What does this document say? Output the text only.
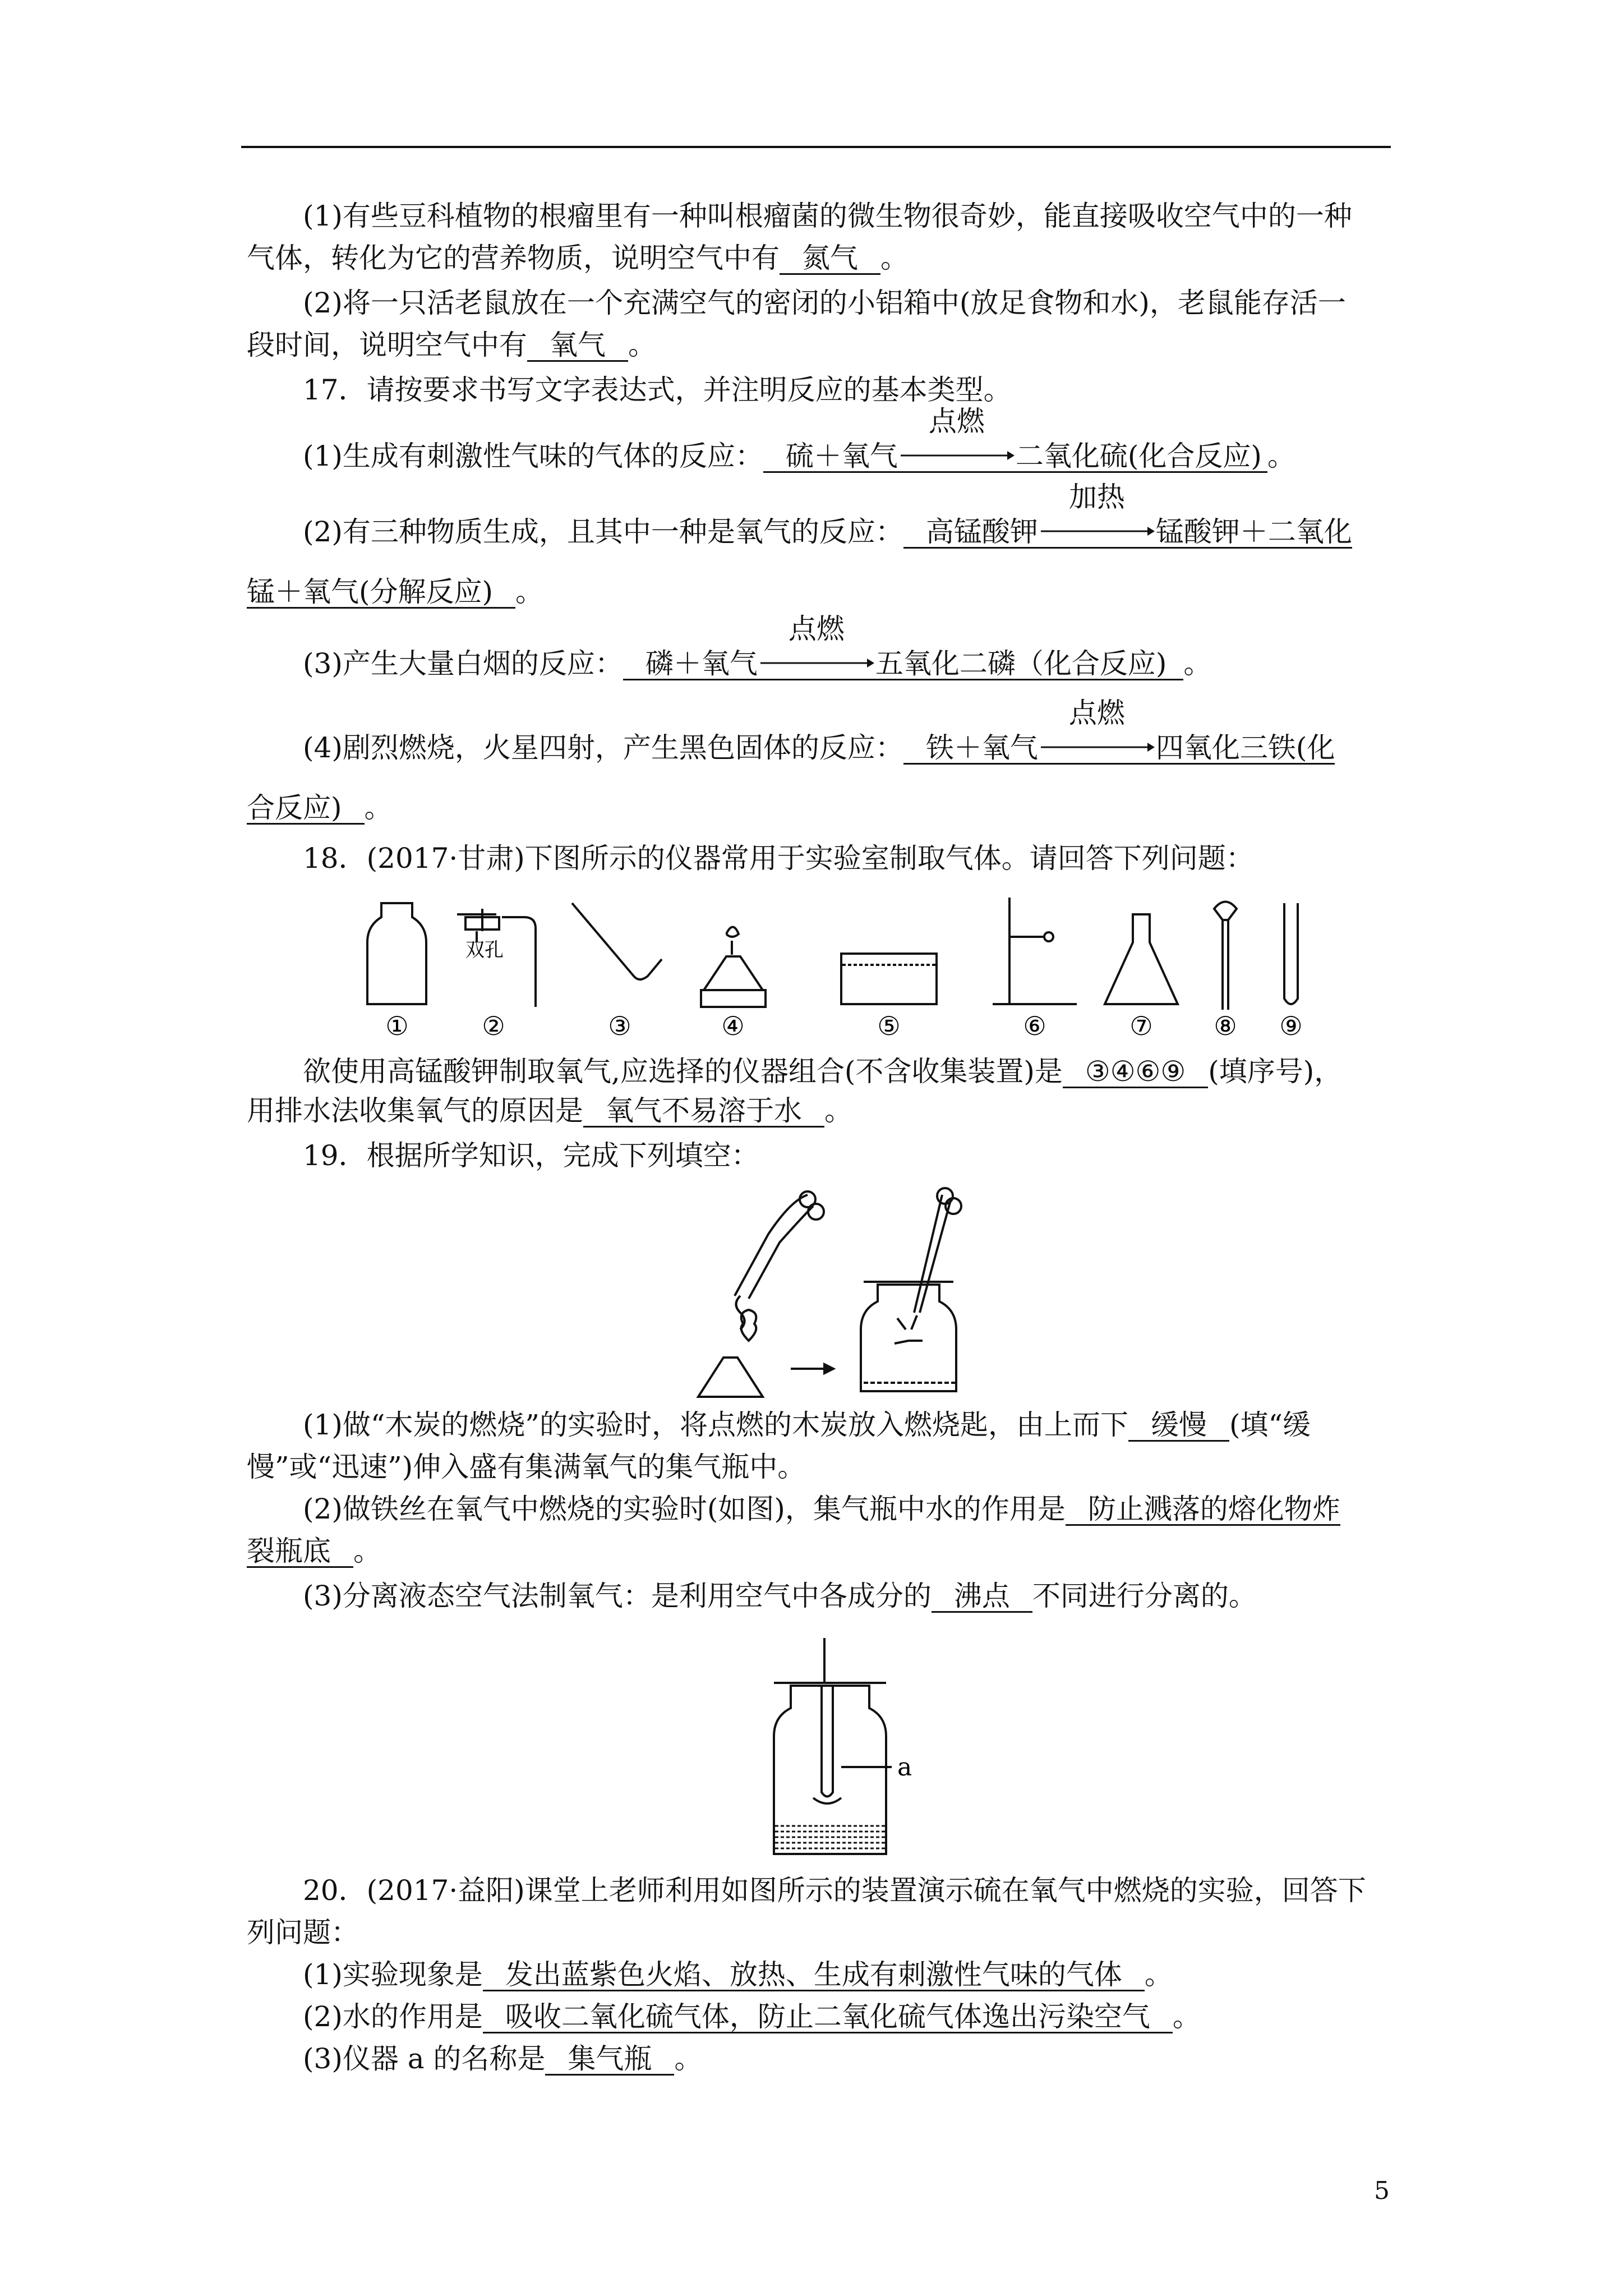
(1)有些豆科植物的根瘤里有一种叫根瘤菌的微生物很奇妙，能直接吸收空气中的一种
气体，转化为它的营养物质，说明空气中有 氮气 。
(2)将一只活老鼠放在一个充满空气的密闭的小铝箱中(放足食物和水)，老鼠能存活一
段时间，说明空气中有 氧气 。
17．请按要求书写文字表达式，并注明反应的基本类型。
(1)生成有刺激性气味的气体的反应： 硫＋氧气
点燃
二氧化硫(化合反应) 。
(2)有三种物质生成，且其中一种是氧气的反应： 高锰酸钾
加热
锰酸钾＋二氧化
锰＋氧气(分解反应) 。
(3)产生大量白烟的反应： 磷＋氧气
点燃
五氧化二磷（化合反应) 。
(4)剧烈燃烧，火星四射，产生黑色固体的反应： 铁＋氧气
点燃
四氧化三铁(化
合反应) 。
18．(2017·甘肃)下图所示的仪器常用于实验室制取气体。请回答下列问题：
双孔
①	②	③	④	⑤	⑥	⑦ ⑧ ⑨
欲使用高锰酸钾制取氧气,应选择的仪器组合(不含收集装置)是 ③④⑥⑨ (填序号)，
用排水法收集氧气的原因是 氧气不易溶于水 。
19．根据所学知识，完成下列填空：
(1)做“木炭的燃烧”的实验时，将点燃的木炭放入燃烧匙，由上而下 缓慢 (填“缓
慢”或“迅速”)伸入盛有集满氧气的集气瓶中。
(2)做铁丝在氧气中燃烧的实验时(如图)，集气瓶中水的作用是 防止溅落的熔化物炸
裂瓶底 。
(3)分离液态空气法制氧气：是利用空气中各成分的 沸点 不同进行分离的。
a
20．(2017·益阳)课堂上老师利用如图所示的装置演示硫在氧气中燃烧的实验，回答下
列问题：
(1)实验现象是 发出蓝紫色火焰、放热、生成有刺激性气味的气体 。
(2)水的作用是 吸收二氧化硫气体，防止二氧化硫气体逸出污染空气 。
(3)仪器 a 的名称是 集气瓶 。
5
